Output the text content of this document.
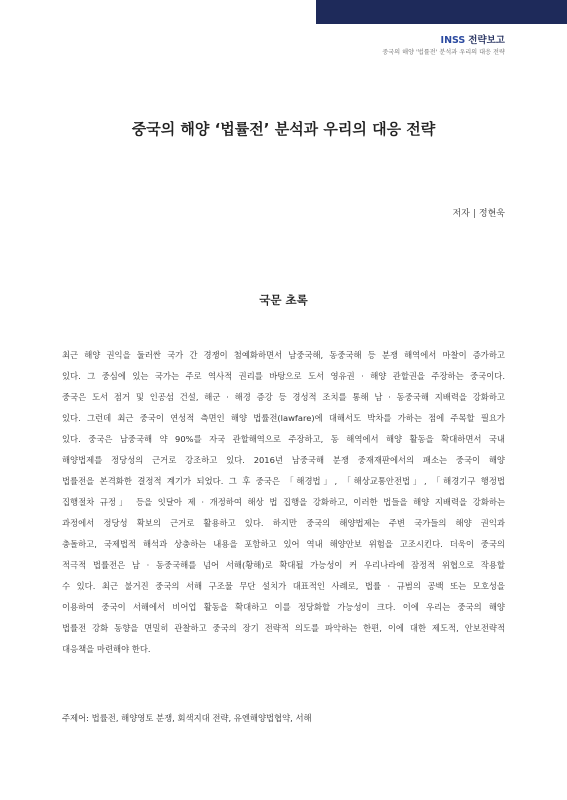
INSS 전략보고
중국의 해양 '법률전' 분석과 우리의 대응 전략
중국의 해양 ‘법률전’ 분석과 우리의 대응 전략
저자 | 정현욱
국문 초록
최근 해양 권익을 둘러싼 국가 간 경쟁이 첨예화하면서 남중국해, 동중국해 등 분쟁 해역에서 마찰이 증가하고
있다. 그 중심에 있는 국가는 주로 역사적 권리를 바탕으로 도서 영유권 · 해양 관할권을 주장하는 중국이다.
중국은 도서 점거 및 인공섬 건설, 해군 · 해경 증강 등 경성적 조치를 통해 남 · 동중국해 지배력을 강화하고
있다. 그런데 최근 중국이 연성적 측면인 해양 법률전(lawfare)에 대해서도 박차를 가하는 점에 주목할 필요가
있다. 중국은 남중국해 약 90%를 자국 관할해역으로 주장하고, 동 해역에서 해양 활동을 확대하면서 국내
해양법제를 정당성의 근거로 강조하고 있다. 2016년 남중국해 분쟁 중재재판에서의 패소는 중국이 해양
법률전을 본격화한 결정적 계기가 되었다. 그 후 중국은 「해경법」, 「해상교통안전법」, 「해경기구 행정법
집행절차 규정」 등을 잇달아 제 · 개정하여 해상 법 집행을 강화하고, 이러한 법들을 해양 지배력을 강화하는
과정에서 정당성 확보의 근거로 활용하고 있다. 하지만 중국의 해양법제는 주변 국가들의 해양 권익과
충돌하고, 국제법적 해석과 상충하는 내용을 포함하고 있어 역내 해양안보 위험을 고조시킨다. 더욱이 중국의
적극적 법률전은 남 · 동중국해를 넘어 서해(황해)로 확대될 가능성이 커 우리나라에 잠정적 위협으로 작용할
수 있다. 최근 불거진 중국의 서해 구조물 무단 설치가 대표적인 사례로, 법률 · 규범의 공백 또는 모호성을
이용하여 중국이 서해에서 비어업 활동을 확대하고 이를 정당화할 가능성이 크다. 이에 우리는 중국의 해양
법률전 강화 동향을 면밀히 관찰하고 중국의 장기 전략적 의도를 파악하는 한편, 이에 대한 제도적, 안보전략적
대응책을 마련해야 한다.
주제어: 법률전, 해양영토 분쟁, 회색지대 전략, 유엔해양법협약, 서해
